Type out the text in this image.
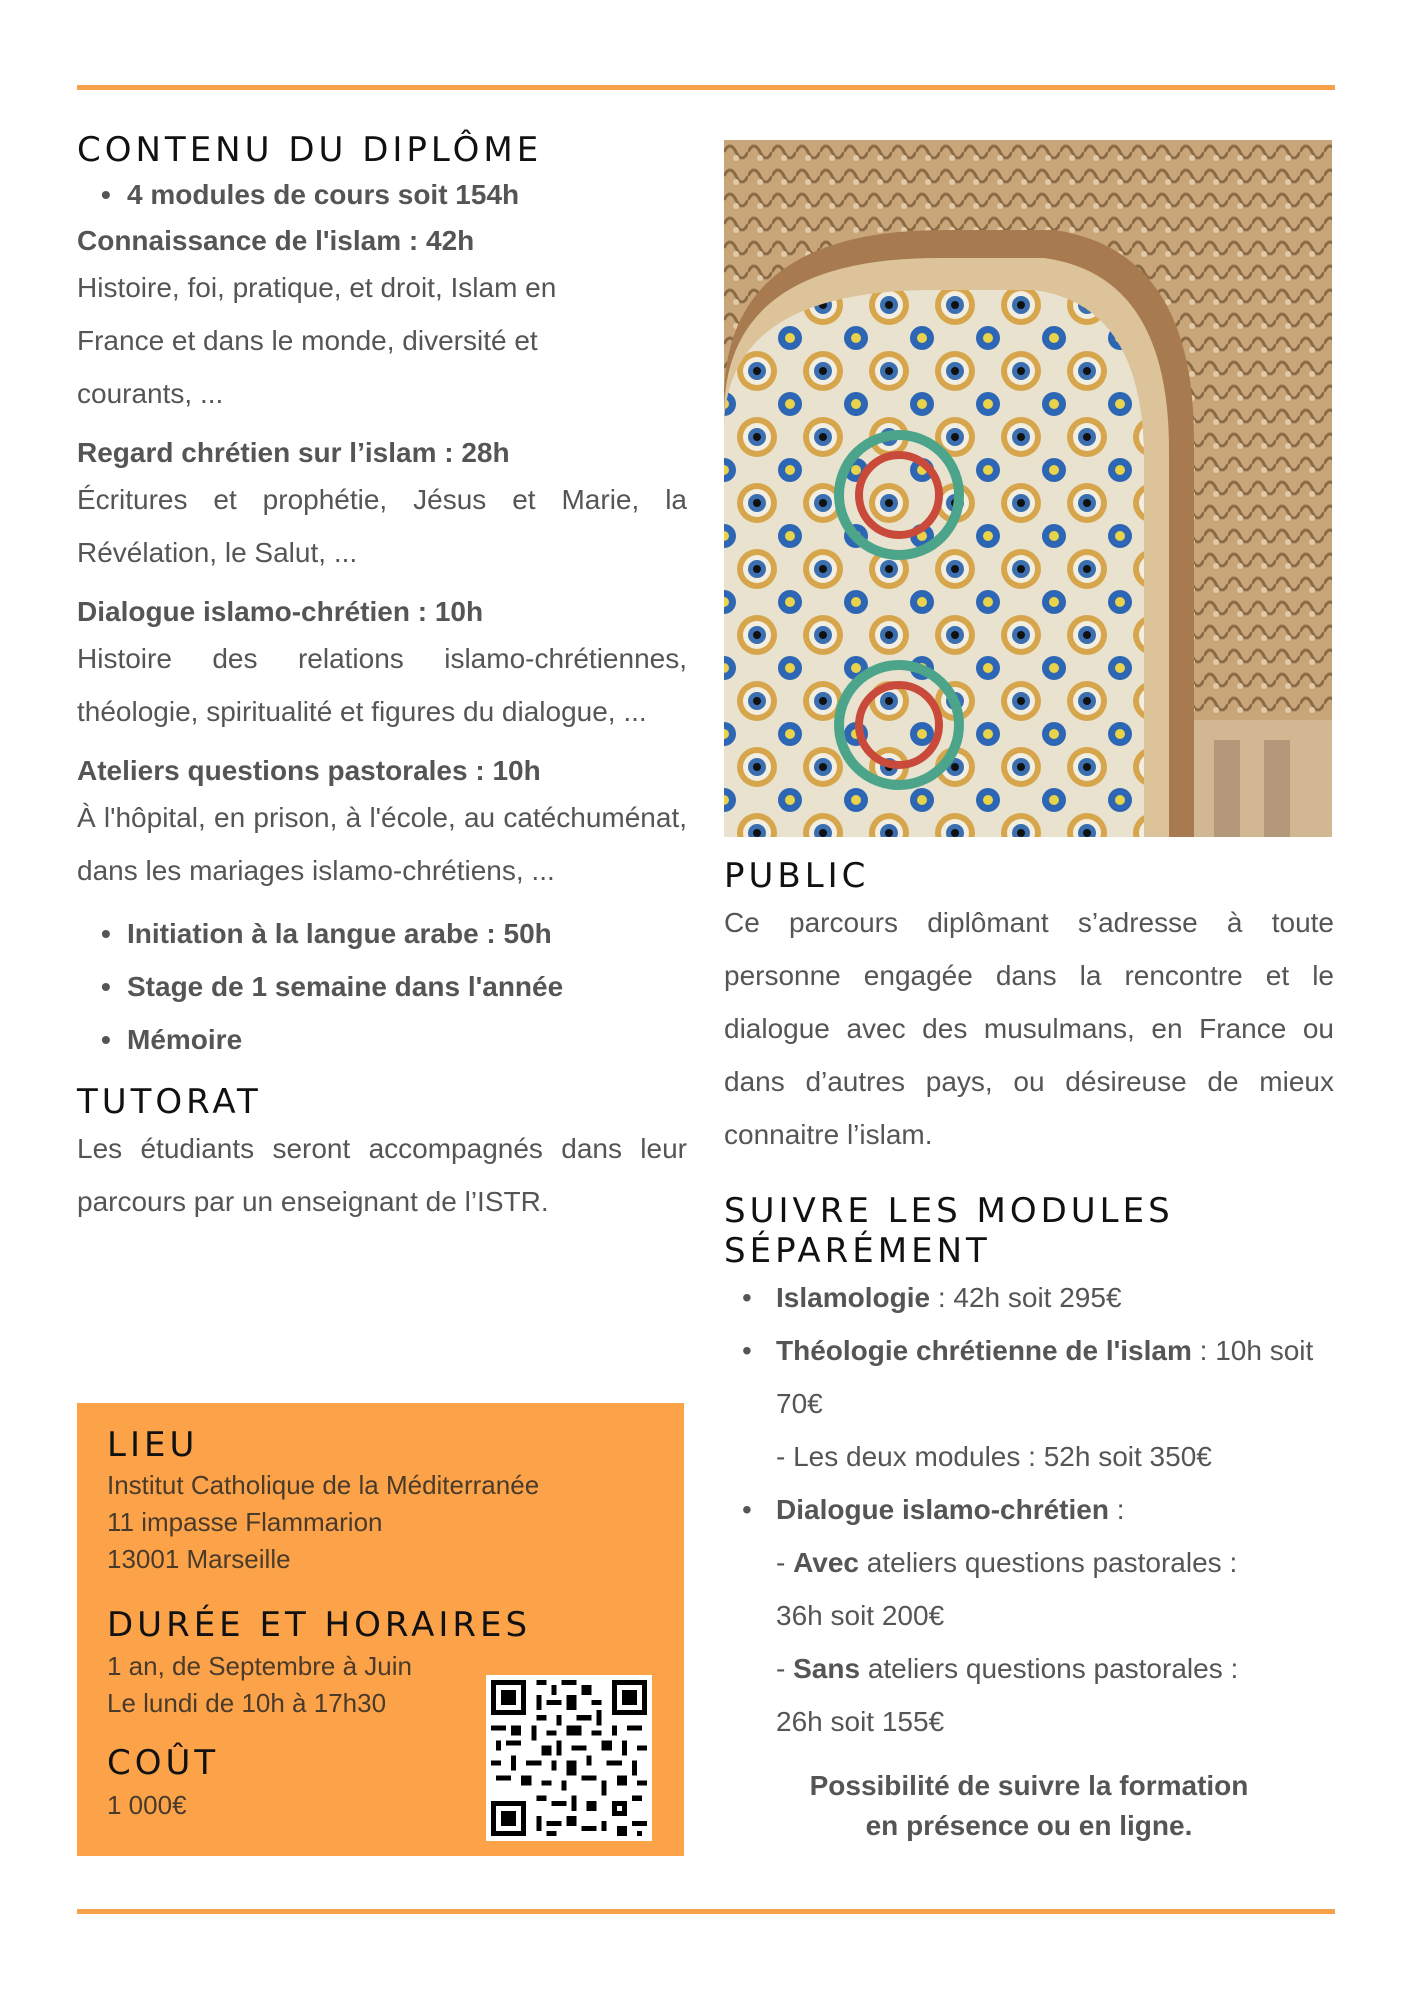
CONTENU DU DIPLÔME
• 4 modules de cours soit 154h

Connaissance de l'islam : 42h

Histoire, foi, pratique, et droit, Islam en France et dans le monde, diversité et courants, ...

Regard chrétien sur l’islam : 28h

Écritures et prophétie, Jésus et Marie, la Révélation, le Salut, ...

Dialogue islamo-chrétien : 10h

Histoire des relations islamo-chrétiennes, théologie, spiritualité et figures du dialogue, ...

Ateliers questions pastorales : 10h

À l'hôpital, en prison, à l'école, au catéchuménat, dans les mariages islamo-chrétiens, ...

• Initiation à la langue arabe : 50h
• Stage de 1 semaine dans l'année
• Mémoire
TUTORAT

Les étudiants seront accompagnés dans leur parcours par un enseignant de l’ISTR.

LIEU

Institut Catholique de la Méditerranée

11 impasse Flammarion

13001 Marseille

DURÉE ET HORAIRES

1 an, de Septembre à Juin

Le lundi de 10h à 17h30

COÛT

1 000€

PUBLIC

Ce parcours diplômant s’adresse à toute personne engagée dans la rencontre et le dialogue avec des musulmans, en France ou dans d’autres pays, ou désireuse de mieux connaitre l’islam.

SUIVRE LES MODULES
SÉPARÉMENT
• Islamologie : 42h soit 295€
• Théologie chrétienne de l'islam : 10h soit 70€

- Les deux modules : 52h soit 350€

• Dialogue islamo-chrétien :

- Avec ateliers questions pastorales :

36h soit 200€

- Sans ateliers questions pastorales :

26h soit 155€

Possibilité de suivre la formation

en présence ou en ligne.
